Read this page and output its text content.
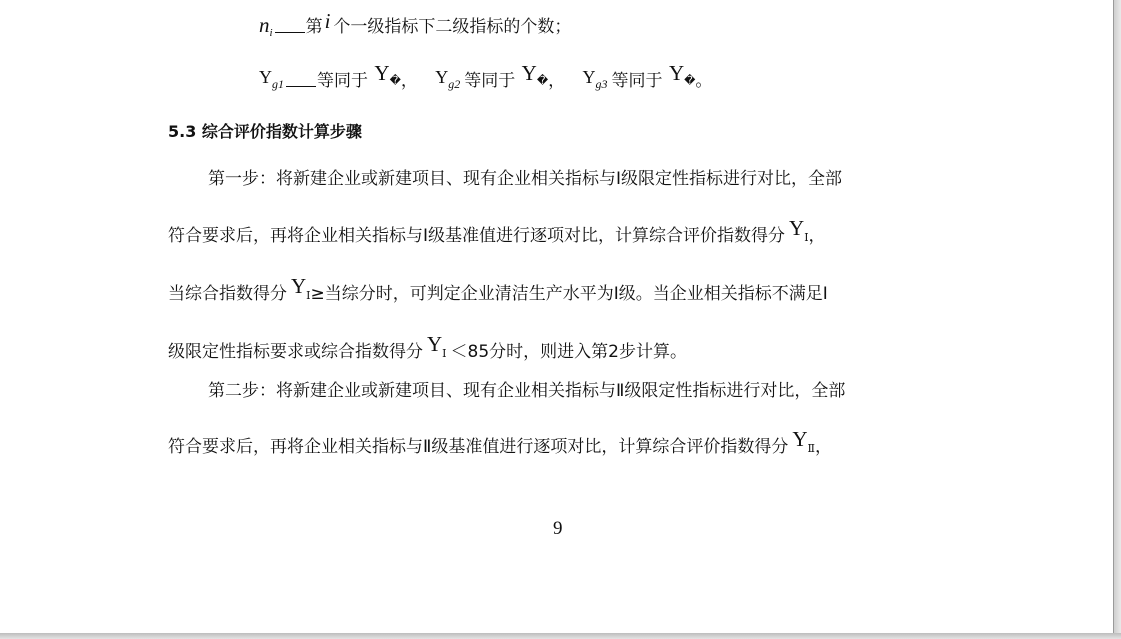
$n_i$ 第i 个一级指标下二级指标的个数；
Yg1 等同于 Y�， Yg2 等同于 Y�， Yg3 等同于 Y�。
5.3 综合评价指数计算步骤
第一步：将新建企业或新建项目、现有企业相关指标与Ⅰ级限定性指标进行对比，全部
符合要求后，再将企业相关指标与Ⅰ级基准值进行逐项对比，计算综合评价指数得分 YⅠ，
当综合指数得分 YⅠ≥当综分时，可判定企业清洁生产水平为Ⅰ级。当企业相关指标不满足Ⅰ
级限定性指标要求或综合指数得分 YⅠ ＜85分时，则进入第2步计算。
第二步：将新建企业或新建项目、现有企业相关指标与Ⅱ级限定性指标进行对比，全部
符合要求后，再将企业相关指标与Ⅱ级基准值进行逐项对比，计算综合评价指数得分 YⅡ，
9
